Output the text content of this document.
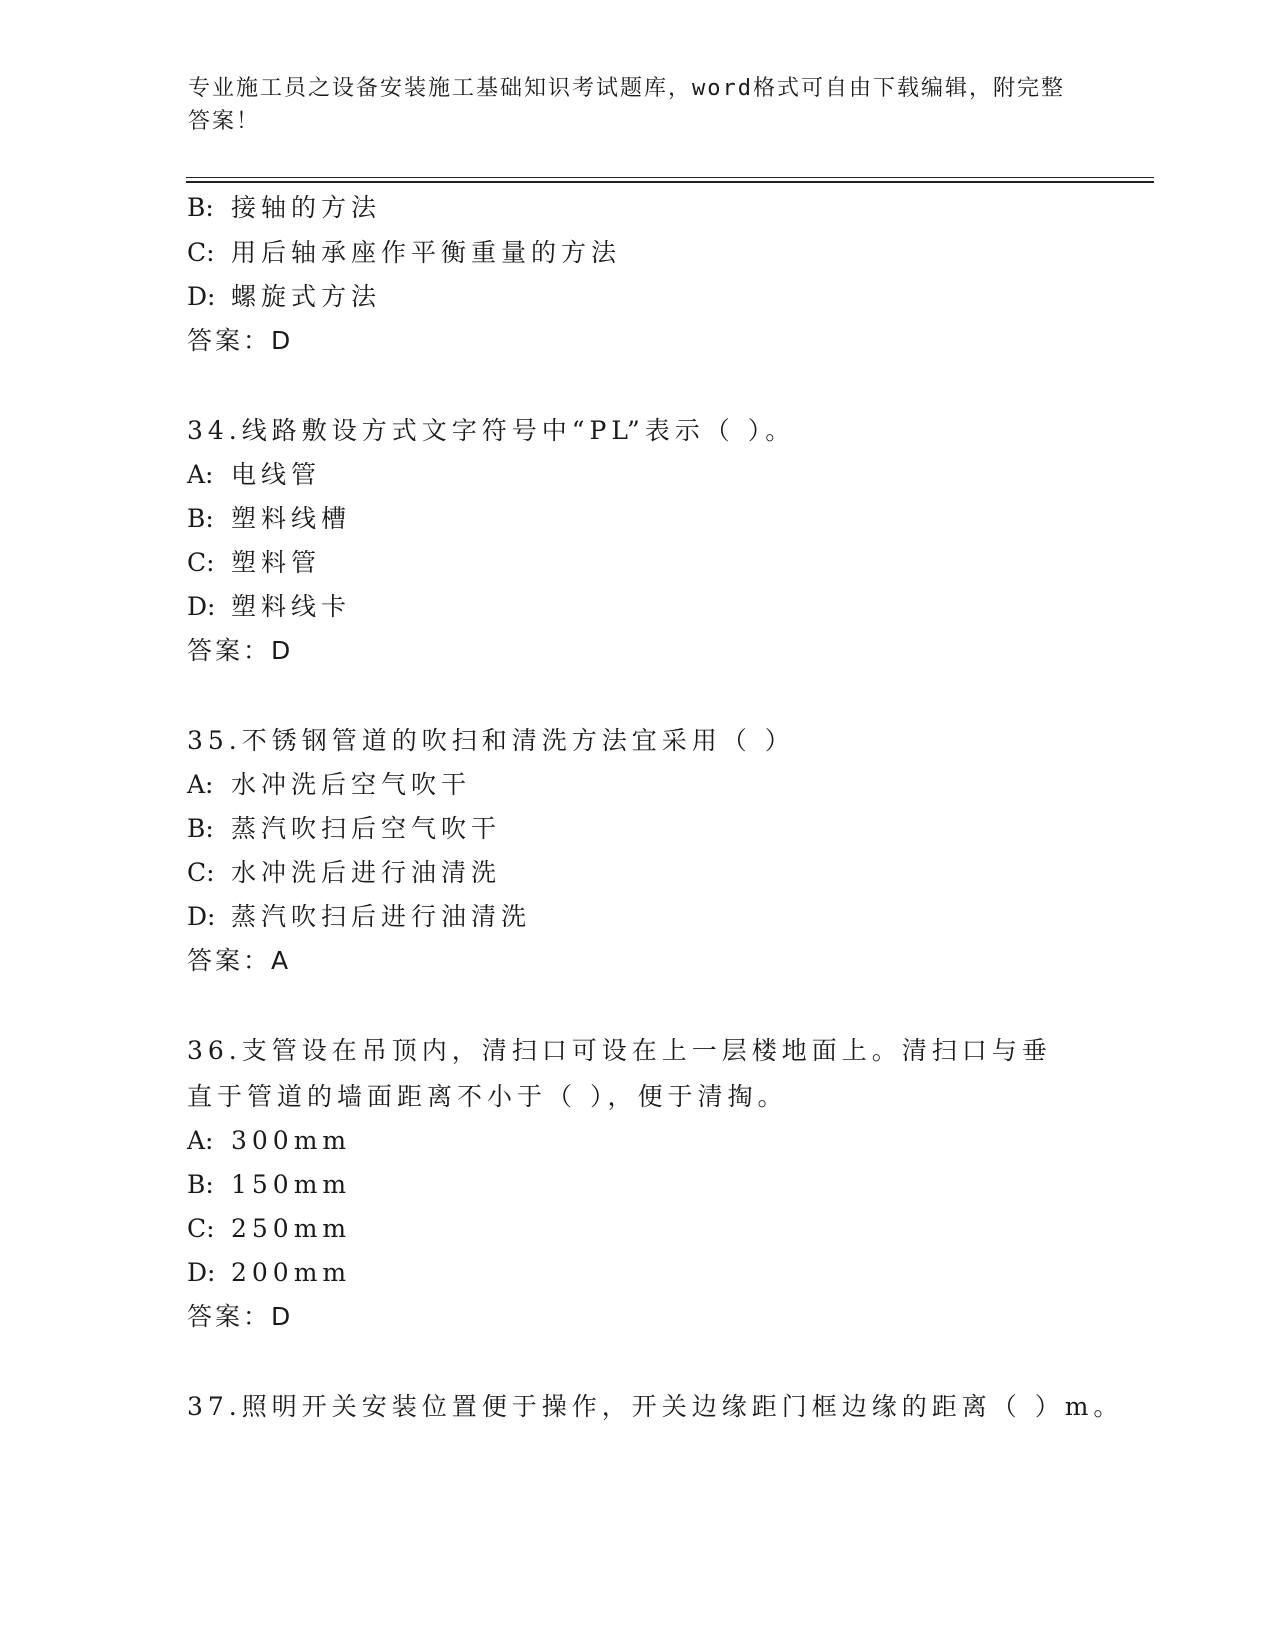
专业施工员之设备安装施工基础知识考试题库，word格式可自由下载编辑，附完整答案！
B: 接轴的方法
C: 用后轴承座作平衡重量的方法
D: 螺旋式方法
答案：D
34.线路敷设方式文字符号中“PL”表示（ ）。
A: 电线管
B: 塑料线槽
C: 塑料管
D: 塑料线卡
答案：D
35.不锈钢管道的吹扫和清洗方法宜采用（ ）
A: 水冲洗后空气吹干
B: 蒸汽吹扫后空气吹干
C: 水冲洗后进行油清洗
D: 蒸汽吹扫后进行油清洗
答案：A
36.支管设在吊顶内，清扫口可设在上一层楼地面上。清扫口与垂直于管道的墙面距离不小于（ ），便于清掏。
A: 300mm
B: 150mm
C: 250mm
D: 200mm
答案：D
37.照明开关安装位置便于操作，开关边缘距门框边缘的距离（ ）m。
